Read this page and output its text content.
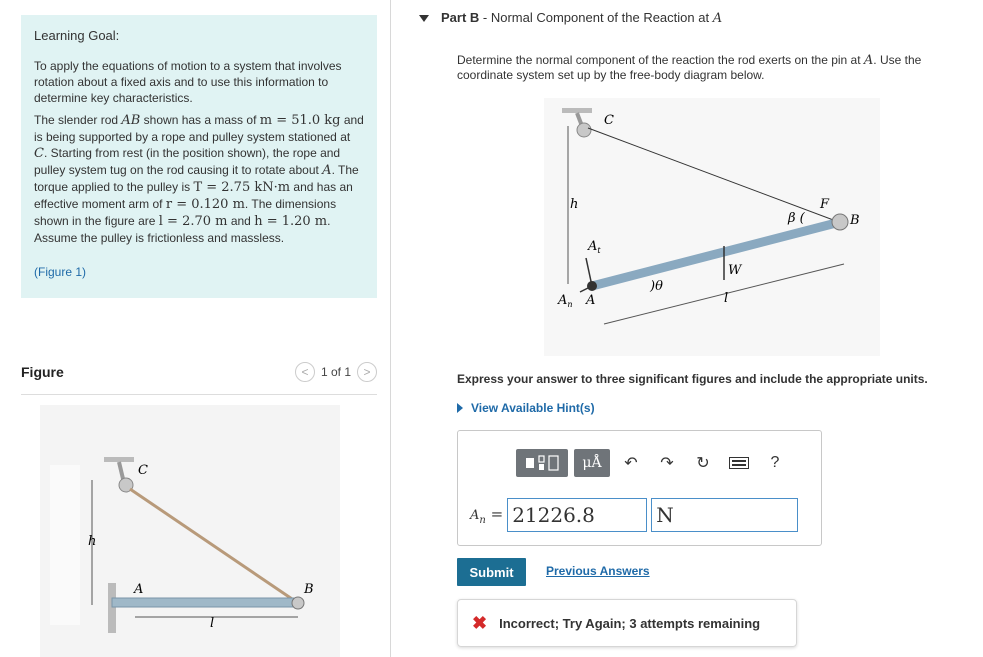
Learning Goal:

To apply the equations of motion to a system that involves rotation about a fixed axis and to use this information to determine key characteristics.

The slender rod AB shown has a mass of m = 51.0 kg and is being supported by a rope and pulley system stationed at C. Starting from rest (in the position shown), the rope and pulley system tug on the rod causing it to rotate about A. The torque applied to the pulley is T = 2.75 kN·m and has an effective moment arm of r = 0.120 m. The dimensions shown in the figure are l = 2.70 m and h = 1.20 m. Assume the pulley is frictionless and massless.

(Figure 1)
Figure	<	1 of 1	>
C
h
A	B
l
Part B - Normal Component of the Reaction at A
Determine the normal component of the reaction the rod exerts on the pin at A. Use the coordinate system set up by the free-body diagram below.
C
h	F
β (	B
$A_t$
$A_n$ A
)θ
W
l
Express your answer to three significant figures and include the appropriate units.
View Available Hint(s)
μÅ	↶	↷	↻	?
$A_n = 21226.8$	N
Submit	Previous Answers
✖ Incorrect; Try Again; 3 attempts remaining
